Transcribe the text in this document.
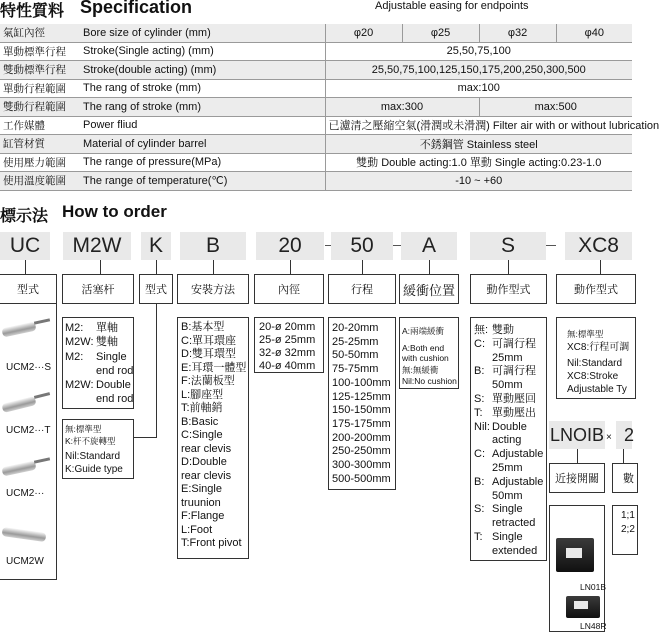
特性質料 Specification	Adjustable easing for endpoints
氣缸內徑	Bore size of cylinder (mm)	φ20	φ25	φ32	φ40
單動標準行程	Stroke(Single acting) (mm)	25,50,75,100			
雙動標準行程	Stroke(double acting) (mm)	25,50,75,100,125,150,175,200,250,300,500			
單動行程範圍	The rang of stroke (mm)	max:100			
雙動行程範圍	The rang of stroke (mm)	max:300		max:500	
工作媒體	Power fliud	已濾清之壓縮空氣(滑潤或未滑潤) Filter air with or without lubrication			
缸管材質	Material of cylinder barrel	不銹鋼管 Stainless steel			
使用壓力範圍	The range of pressure(MPa)	雙動 Double acting:1.0 單動 Single acting:0.23-1.0			
使用溫度範圍	The range of temperature(℃)	-10 ~ +60			
標示法 How to order
UC	M2W	K	B	20	50	A	S	XC8
型式
UCM2···S
UCM2···T
UCM2···
UCM2W
活塞杆
M2: 單軸
M2W: 雙軸
M2: Single
end rod
M2W: Double
end rod
型式
無:標準型
K:杆不旋轉型
Nil:Standard
K:Guide type
安裝方法
B:基本型
C:單耳環座
D:雙耳環型
E:耳環一體型
F:法蘭板型
L:腳座型
T:前軸銷
B:Basic
C:Single
rear clevis
D:Double
rear clevis
E:Single
truunion
F:Flange
L:Foot
T:Front pivot
內徑
20-ø 20mm
25-ø 25mm
32-ø 32mm
40-ø 40mm
行程
20-20mm
25-25mm
50-50mm
75-75mm
100-100mm
125-125mm
150-150mm
175-175mm
200-200mm
250-250mm
300-300mm
500-500mm
緩衝位置
A:兩端緩衝
A:Both end
with cushion
無:無緩衝
Nil:No cushion
動作型式
無: 雙動
C: 可調行程
25mm
B: 可調行程
50mm
S: 單動壓回
T: 單動壓出
Nil: Double
acting
C: Adjustable
25mm
B: Adjustable
50mm
S: Single
retracted
T: Single
extended
動作型式
無:標準型
XC8:行程可調
Nil:Standard
XC8:Stroke
Adjustable Ty
LNOIB × 2
近接開關	數
1;1
2;2
LN01B
LN48R
